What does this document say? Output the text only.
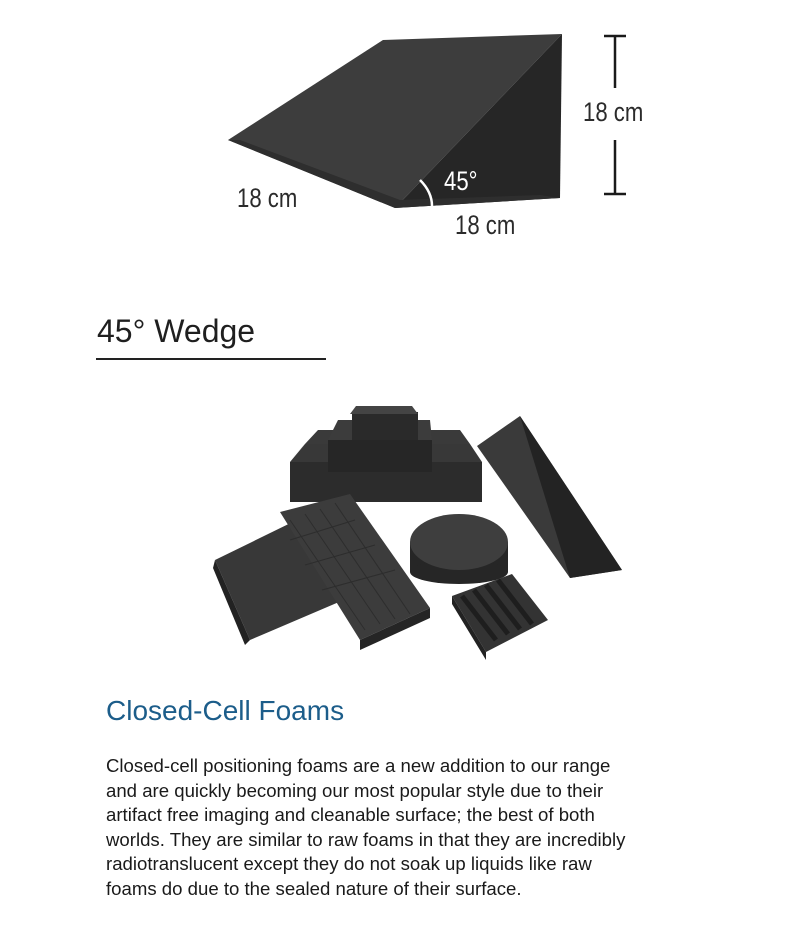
18 cm
18 cm
18 cm
45°
45° Wedge
Closed-Cell Foams
Closed-cell positioning foams are a new addition to our range
and are quickly becoming our most popular style due to their
artifact free imaging and cleanable surface; the best of both
worlds. They are similar to raw foams in that they are incredibly
radiotranslucent except they do not soak up liquids like raw
foams do due to the sealed nature of their surface.
